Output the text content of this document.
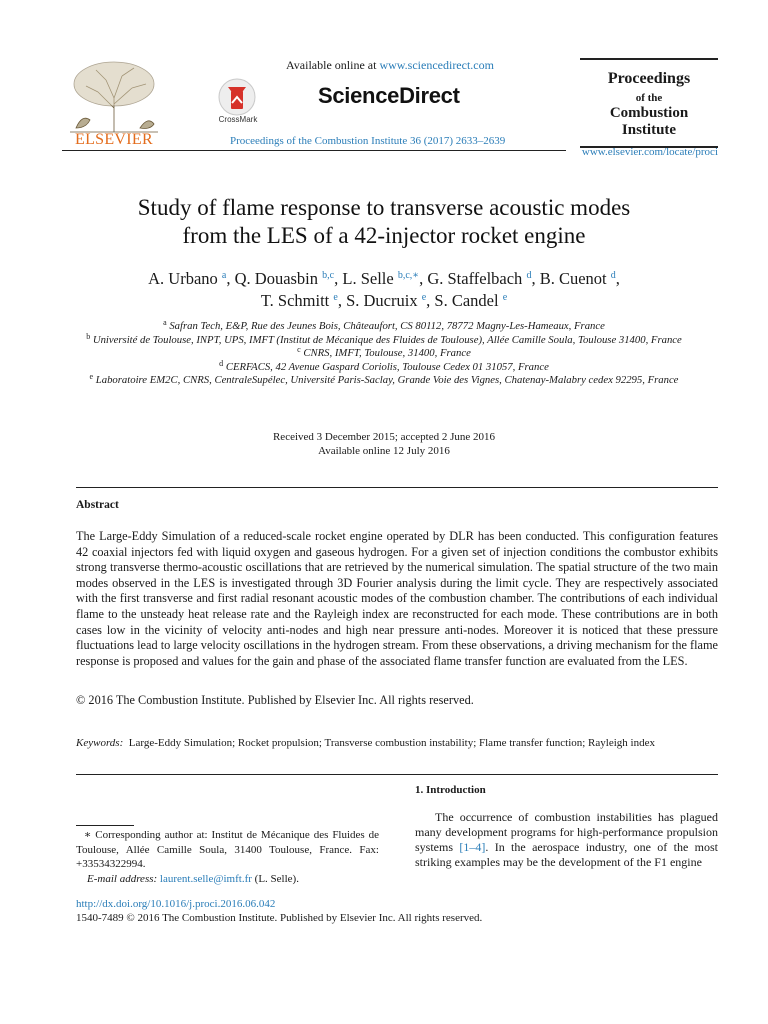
ELSEVIER
Available online at www.sciencedirect.com
CrossMark
ScienceDirect
Proceedings of the Combustion Institute 36 (2017) 2633–2639
Proceedings
of the
Combustion
Institute
www.elsevier.com/locate/proci
Study of flame response to transverse acoustic modes
from the LES of a 42-injector rocket engine
A. Urbano $^a$, Q. Douasbin $^{b,c}$, L. Selle $^{b,c,∗}$, G. Staffelbach $^d$, B. Cuenot $^d$,
T. Schmitt $^e$, S. Ducruix $^e$, S. Candel $^e$
$^a$ Safran Tech, E&P, Rue des Jeunes Bois, Châteaufort, CS 80112, 78772 Magny-Les-Hameaux, France
$^b$ Université de Toulouse, INPT, UPS, IMFT (Institut de Mécanique des Fluides de Toulouse), Allée Camille Soula, Toulouse 31400, France
$^c$ CNRS, IMFT, Toulouse, 31400, France
$^d$ CERFACS, 42 Avenue Gaspard Coriolis, Toulouse Cedex 01 31057, France
$^e$ Laboratoire EM2C, CNRS, CentraleSupélec, Université Paris-Saclay, Grande Voie des Vignes, Chatenay-Malabry cedex 92295, France
Received 3 December 2015; accepted 2 June 2016
Available online 12 July 2016
Abstract
The Large-Eddy Simulation of a reduced-scale rocket engine operated by DLR has been conducted. This configuration features 42 coaxial injectors fed with liquid oxygen and gaseous hydrogen. For a given set of injection conditions the combustor exhibits strong transverse thermo-acoustic oscillations that are retrieved by the numerical simulation. The spatial structure of the two main modes observed in the LES is investigated through 3D Fourier analysis during the limit cycle. They are respectively associated with the first transverse and first radial resonant acoustic modes of the combustion chamber. The contributions of each individual flame to the unsteady heat release rate and the Rayleigh index are reconstructed for each mode. These contributions are in both cases low in the vicinity of velocity anti-nodes and high near pressure anti-nodes. Moreover it is noticed that these pressure fluctuations lead to large velocity oscillations in the hydrogen stream. From these observations, a driving mechanism for the flame response is proposed and values for the gain and phase of the associated flame transfer function are evaluated from the LES.
© 2016 The Combustion Institute. Published by Elsevier Inc. All rights reserved.
Keywords: Large-Eddy Simulation; Rocket propulsion; Transverse combustion instability; Flame transfer function; Rayleigh index
1. Introduction

The occurrence of combustion instabilities has plagued many development programs for high-performance propulsion systems [1–4]. In the aerospace industry, one of the most striking examples may be the development of the F1 engine

∗ Corresponding author at: Institut de Mécanique des Fluides de Toulouse, Allée Camille Soula, 31400 Toulouse, France. Fax: +33534322994.

E-mail address: laurent.selle@imft.fr (L. Selle).

http://dx.doi.org/10.1016/j.proci.2016.06.042
1540-7489 © 2016 The Combustion Institute. Published by Elsevier Inc. All rights reserved.
